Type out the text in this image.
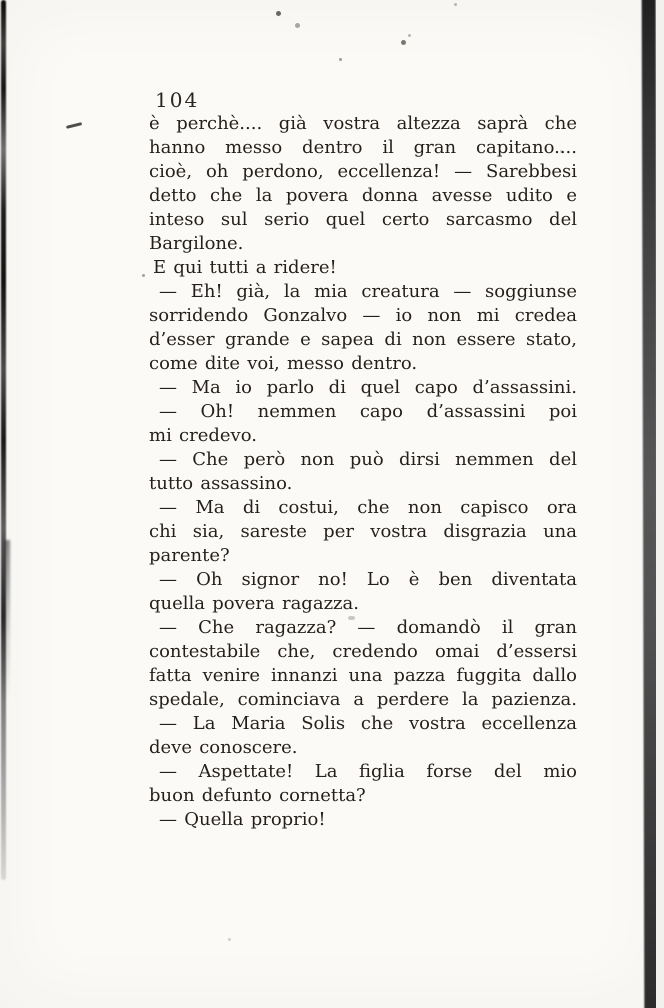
104
è perchè.... già vostra altezza saprà che
hanno messo dentro il gran capitano....
cioè, oh perdono, eccellenza! — Sarebbesi
detto che la povera donna avesse udito e
inteso sul serio quel certo sarcasmo del
Bargilone.
E qui tutti a ridere!
— Eh! già, la mia creatura — soggiunse
sorridendo Gonzalvo — io non mi credea
d’esser grande e sapea di non essere stato,
come dite voi, messo dentro.
— Ma io parlo di quel capo d’assassini.
— Oh! nemmen capo d’assassini poi
mi credevo.
— Che però non può dirsi nemmen del
tutto assassino.
— Ma di costui, che non capisco ora
chi sia, sareste per vostra disgrazia una
parente?
— Oh signor no! Lo è ben diventata
quella povera ragazza.
— Che ragazza? — domandò il gran
contestabile che, credendo omai d’essersi
fatta venire innanzi una pazza fuggita dallo
spedale, cominciava a perdere la pazienza.
— La Maria Solis che vostra eccellenza
deve conoscere.
— Aspettate! La figlia forse del mio
buon defunto cornetta?
— Quella proprio!
